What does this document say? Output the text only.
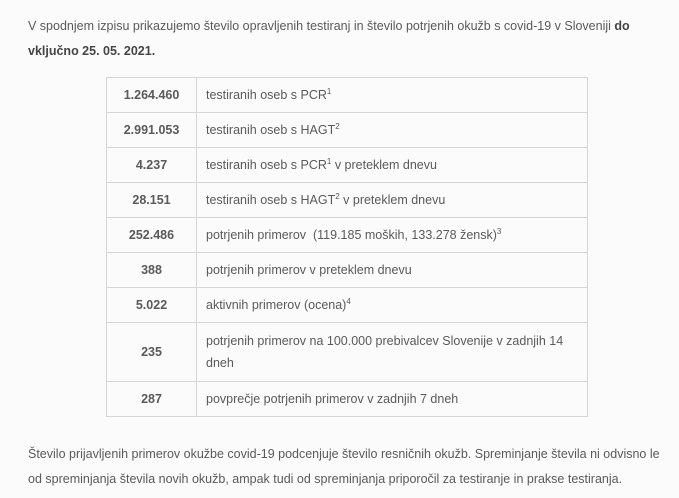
V spodnjem izpisu prikazujemo število opravljenih testiranj in število potrjenih okužb s covid-19 v Sloveniji do vključno 25. 05. 2021.

1.264.460	testiranih oseb s PCR$^1$
2.991.053	testiranih oseb s HAGT$^2$
4.237	testiranih oseb s PCR$^1$ v preteklem dnevu
28.151	testiranih oseb s HAGT$^2$ v preteklem dnevu
252.486	potrjenih primerov  (119.185 moških, 133.278 žensk)$^3$
388	potrjenih primerov v preteklem dnevu
5.022	aktivnih primerov (ocena)$^4$
235	potrjenih primerov na 100.000 prebivalcev Slovenije v zadnjih 14 dneh
287	povprečje potrjenih primerov v zadnjih 7 dneh

Število prijavljenih primerov okužbe covid-19 podcenjuje število resničnih okužb. Spreminjanje števila ni odvisno le od spreminjanja števila novih okužb, ampak tudi od spreminjanja priporočil za testiranje in prakse testiranja.
